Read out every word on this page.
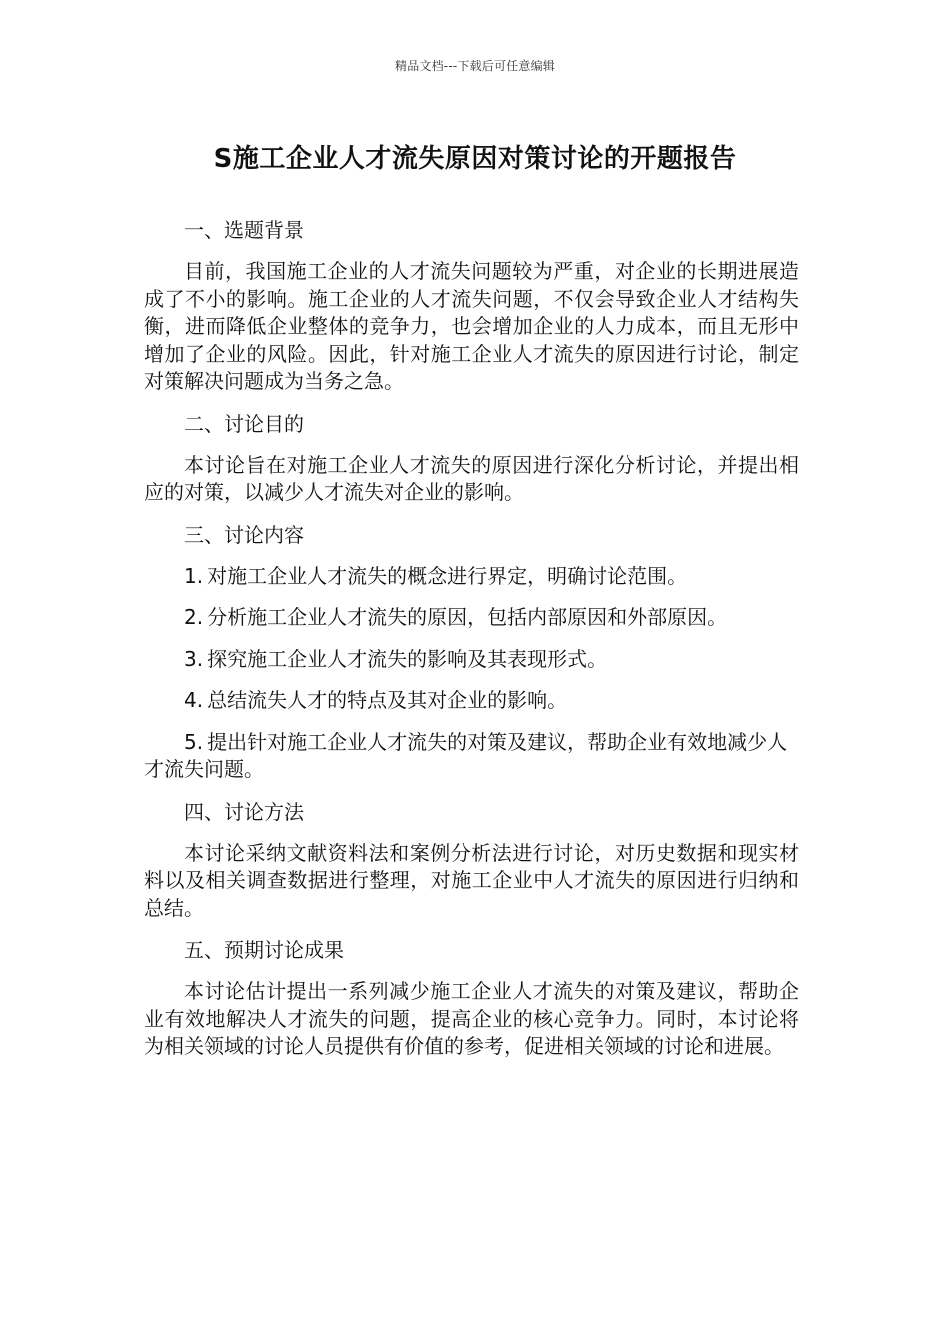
精品文档---下载后可任意编辑
S施工企业人才流失原因对策讨论的开题报告
一、选题背景
目前，我国施工企业的人才流失问题较为严重，对企业的长期进展造成了不小的影响。施工企业的人才流失问题，不仅会导致企业人才结构失衡，进而降低企业整体的竞争力，也会增加企业的人力成本，而且无形中增加了企业的风险。因此，针对施工企业人才流失的原因进行讨论，制定对策解决问题成为当务之急。
二、讨论目的
本讨论旨在对施工企业人才流失的原因进行深化分析讨论，并提出相应的对策，以减少人才流失对企业的影响。
三、讨论内容
1. 对施工企业人才流失的概念进行界定，明确讨论范围。
2. 分析施工企业人才流失的原因，包括内部原因和外部原因。
3. 探究施工企业人才流失的影响及其表现形式。
4. 总结流失人才的特点及其对企业的影响。
5. 提出针对施工企业人才流失的对策及建议，帮助企业有效地减少人才流失问题。
四、讨论方法
本讨论采纳文献资料法和案例分析法进行讨论，对历史数据和现实材料以及相关调查数据进行整理，对施工企业中人才流失的原因进行归纳和总结。
五、预期讨论成果
本讨论估计提出一系列减少施工企业人才流失的对策及建议，帮助企业有效地解决人才流失的问题，提高企业的核心竞争力。同时，本讨论将为相关领域的讨论人员提供有价值的参考，促进相关领域的讨论和进展。
